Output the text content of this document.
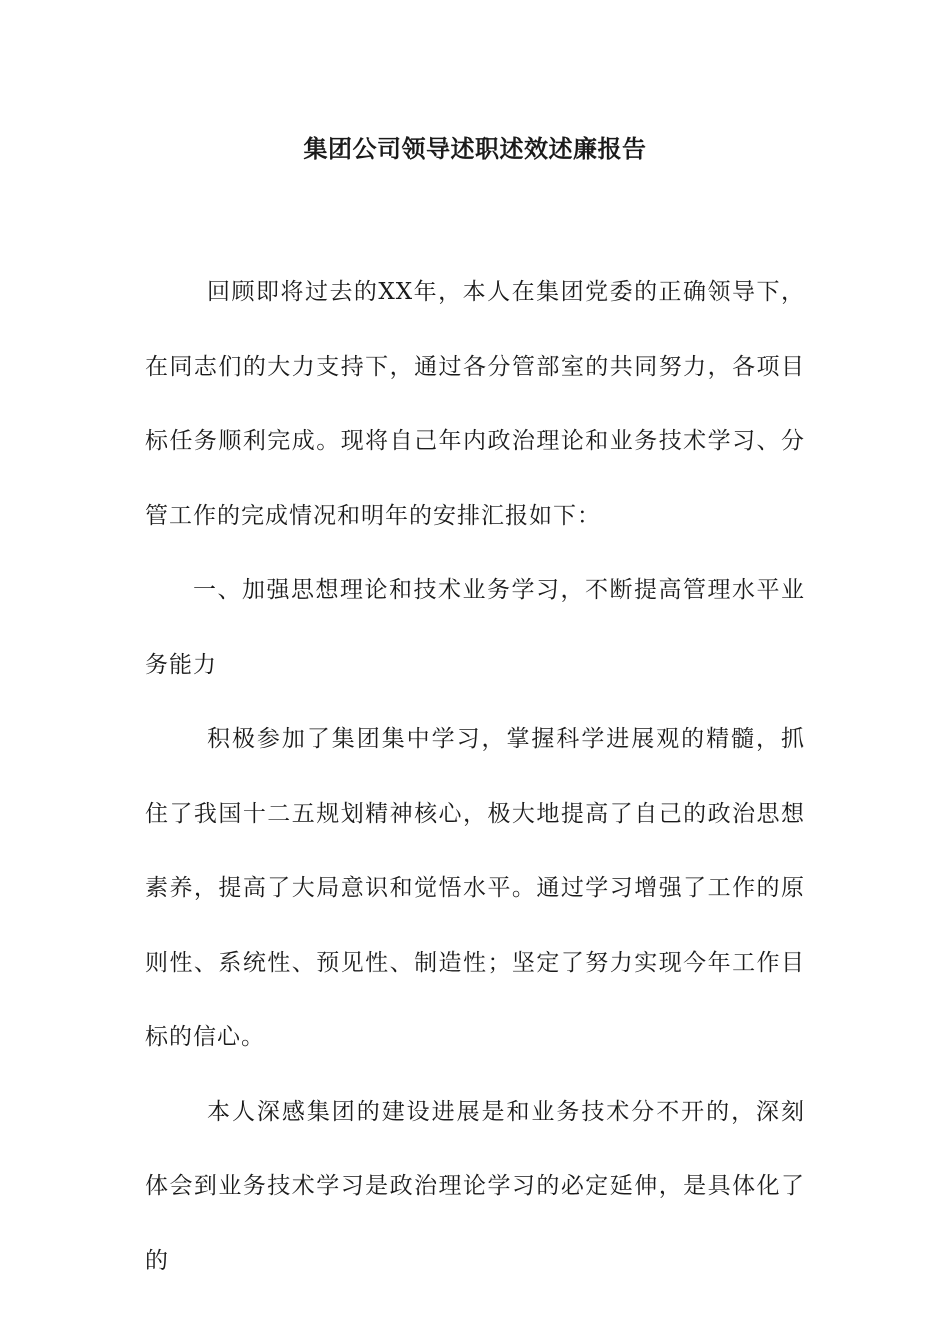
集团公司领导述职述效述廉报告

回顾即将过去的XX年，本人在集团党委的正确领导下，在同志们的大力支持下，通过各分管部室的共同努力，各项目标任务顺利完成。现将自己年内政治理论和业务技术学习、分管工作的完成情况和明年的安排汇报如下：

一、加强思想理论和技术业务学习，不断提高管理水平业务能力

积极参加了集团集中学习，掌握科学进展观的精髓，抓住了我国十二五规划精神核心，极大地提高了自己的政治思想素养，提高了大局意识和觉悟水平。通过学习增强了工作的原则性、系统性、预见性、制造性；坚定了努力实现今年工作目标的信心。

本人深感集团的建设进展是和业务技术分不开的，深刻体会到业务技术学习是政治理论学习的必定延伸，是具体化了的
